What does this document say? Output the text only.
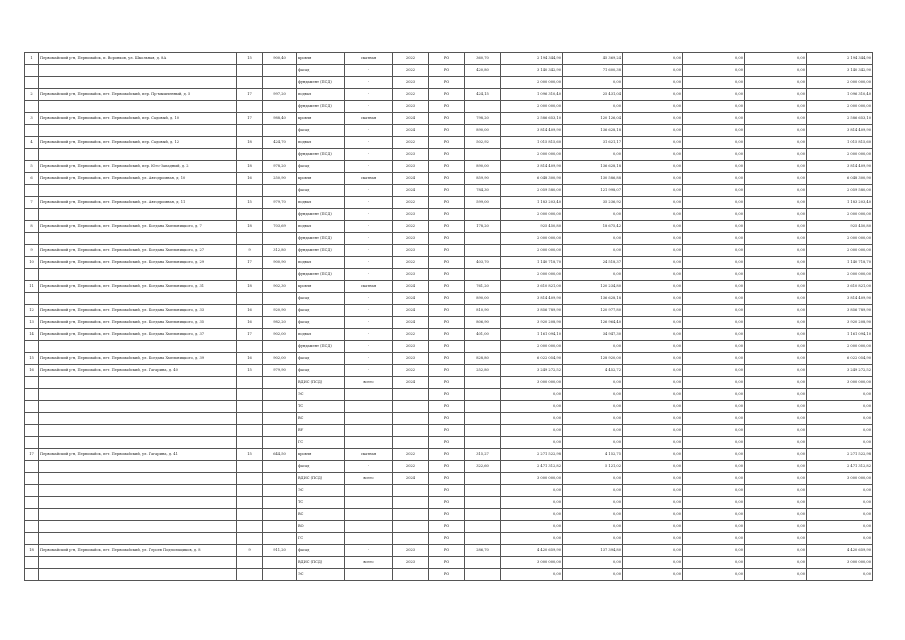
1	Первомайский р-н, Первомайск, п. Воронков, ул. Школьная, д. 8А	15	900,40	кровля	скатная	2022	РО	360,70	2 194 344,90	45 369,24	0,00	0,00	0,00	2 194 344,90
				фасад	-	2022	РО	420,80	3 140 342,90	71 600,38	0,00	0,00	0,00	3 140 342,90
				фундамент (ПСД)	-	2023	РО		2 000 000,00	0,00	0,00	0,00	0,00	2 000 000,00
2	Первомайский р-н, Первомайск, пгт. Первомайский, пер. Пр-мышленный, д. 5	17	997,20	подвал	-	2022	РО	424,15	1 096 310,40	25 431,04	0,00	0,00	0,00	1 096 310,40
				фундамент (ПСД)	-	2023	РО		2 000 000,00	0,00	0,00	0,00	0,00	2 000 000,00
3	Первомайский р-н, Первомайск, пгт. Первомайский, пер. Садовый, д. 10	17	988,40	кровля	скатная	2024	РО	798,20	2 586 653,10	120 126,04	0,00	0,00	0,00	2 586 653,10
				фасад	-	2024	РО	890,00	3 814 409,90	136 628,18	0,00	0,00	0,00	3 814 409,90
4	Первомайский р-н, Первомайск, пгт. Первомайский, пер. Садовый, д. 12	18	424,70	подвал	-	2022	РО	502,92	1 015 815,60	31 621,17	0,00	0,00	0,00	1 015 815,60
				фундамент (ПСД)	-	2023	РО		2 000 000,00	0,00	0,00	0,00	0,00	2 000 000,00
5	Первомайский р-н, Первомайск, пгт. Первомайский, пер. Юго-Западный, д. 2	18	978,20	фасад	-	2023	РО	890,00	3 814 409,90	136 628,18	0,00	0,00	0,00	3 814 409,90
6	Первомайский р-н, Первомайск, пгт. Первомайский, ул. Автодромная, д. 10	16	250,90	кровля	скатная	2024	РО	859,90	6 048 300,90	130 586,88	0,00	0,00	0,00	6 048 300,90
				фасад	-	2024	РО	784,30	2 059 580,00	121 998,07	0,00	0,00	0,00	2 059 580,00
7	Первомайский р-н, Первомайск, пгт. Первомайский, ул. Автодромная, д. 11	15	979,70	подвал	-	2022	РО	599,00	1 183 203,40	35 236,92	0,00	0,00	0,00	1 183 203,40
				фундамент (ПСД)	-	2023	РО		2 000 000,00	0,00	0,00	0,00	0,00	2 000 000,00
8	Первомайский р-н, Первомайск, пгт. Первомайский, ул. Богдана Хмельницкого, д. 7	18	703,69	подвал	-	2022	РО	178,20	925 450,80	18 675,42	0,00	0,00	0,00	925 450,80
				фундамент (ПСД)	-	2023	РО		2 000 000,00	0,00	0,00	0,00	0,00	2 000 000,00
9	Первомайский р-н, Первомайск, пгт. Первомайский, ул. Богдана Хмельницкого, д. 27	9	312,80	фундамент (ПСД)	-	2023	РО		2 000 000,00	0,00	0,00	0,00	0,00	2 000 000,00
10	Первомайский р-н, Первомайск, пгт. Первомайский, ул. Богдана Хмельницкого, д. 29	17	900,90	подвал	-	2022	РО	403,70	1 140 718,70	24 518,37	0,00	0,00	0,00	1 140 718,70
				фундамент (ПСД)	-	2023	РО		2 000 000,00	0,00	0,00	0,00	0,00	2 000 000,00
11	Первомайский р-н, Первомайск, пгт. Первомайский, ул. Богдана Хмельницкого, д. 31	18	902,30	кровля	скатная	2024	РО	761,20	3 610 821,00	120 234,80	0,00	0,00	0,00	3 610 821,00
				фасад	-	2024	РО	890,00	3 814 409,90	136 628,18	0,00	0,00	0,00	3 814 409,90
12	Первомайский р-н, Первомайск, пгт. Первомайский, ул. Богдана Хмельницкого, д. 33	16	920,90	фасад	-	2024	РО	810,90	3 856 789,90	120 977,80	0,00	0,00	0,00	3 856 789,90
13	Первомайский р-н, Первомайск, пгт. Первомайский, ул. Богдана Хмельницкого, д. 35	16	982,20	фасад	-	2024	РО	806,90	3 920 208,90	126 964,40	0,00	0,00	0,00	3 920 208,90
14	Первомайский р-н, Первомайск, пгт. Первомайский, ул. Богдана Хмельницкого, д. 37	17	902,00	подвал	-	2022	РО	401,00	1 161 094,10	34 947,30	0,00	0,00	0,00	1 161 094,10
				фундамент (ПСД)	-	2023	РО		2 000 000,00	0,00	0,00	0,00	0,00	2 000 000,00
15	Первомайский р-н, Первомайск, пгт. Первомайский, ул. Богдана Хмельницкого, д. 39	16	902,00	фасад	-	2023	РО	828,80	6 022 054,90	128 920,00	0,00	0,00	0,00	6 022 054,90
16	Первомайский р-н, Первомайск, пгт. Первомайский, ул. Гагарина, д. 40	15	979,90	фасад	-	2022	РО	252,80	3 249 272,52	4 452,72	0,00	0,00	0,00	3 249 272,52
				ВДИС (ПСД)	всего	2024	РО		3 000 000,00	0,00	0,00	0,00	0,00	3 000 000,00
				ЭС			РО		0,00	0,00	0,00	0,00	0,00	0,00
				ТС			РО		0,00	0,00	0,00	0,00	0,00	0,00
				ВС			РО		0,00	0,00	0,00	0,00	0,00	0,00
				ВУ			РО		0,00	0,00	0,00	0,00	0,00	0,00
				ГС			РО		0,00	0,00	0,00	0,00	0,00	0,00
17	Первомайский р-н, Первомайск, пгт. Первомайский, ул. Гагарина, д. 41	15	644,50	кровля	скатная	2022	РО	315,27	2 271 522,98	4 152,75	0,00	0,00	0,00	2 271 522,98
				фасад	-	2022	РО	322,60	2 471 312,82	5 121,02	0,00	0,00	0,00	2 471 312,82
				ВДИС (ПСД)	всего	2024	РО		3 000 000,00	0,00	0,00	0,00	0,00	3 000 000,00
				ЭС			РО		0,00	0,00	0,00	0,00	0,00	0,00
				ТС			РО		0,00	0,00	0,00	0,00	0,00	0,00
				ВС			РО		0,00	0,00	0,00	0,00	0,00	0,00
				ВО			РО		0,00	0,00	0,00	0,00	0,00	0,00
				ГС			РО		0,00	0,00	0,00	0,00	0,00	0,00
18	Первомайский р-н, Первомайск, пгт. Первомайский, ул. Героев Подпольщиков, д. 8	9	911,20	фасад	-	2023	РО	286,70	4 420 659,90	137 394,80	0,00	0,00	0,00	4 420 659,90
				ВДИС (ПСД)	всего	2023	РО		3 000 000,00	0,00	0,00	0,00	0,00	3 000 000,00
				ЭС			РО		0,00	0,00	0,00	0,00	0,00	0,00
